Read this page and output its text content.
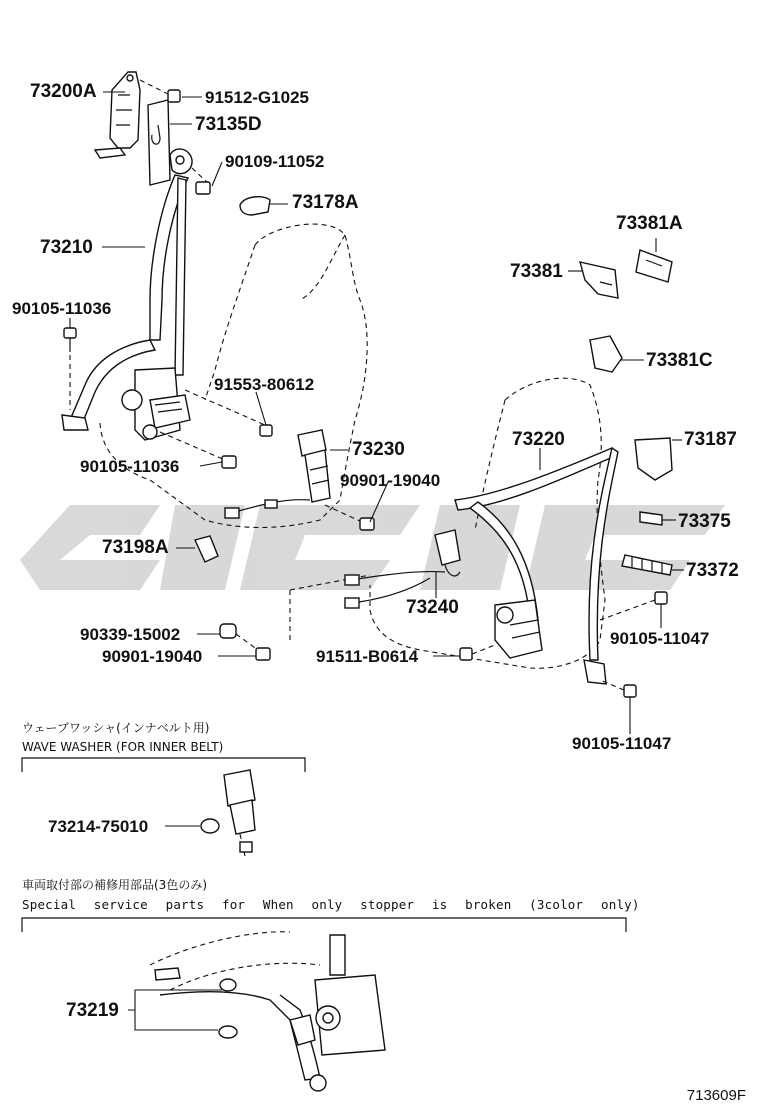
73200A	91512-G1025
73135D
90109-11052
73178A
73210
90105-11036
91553-80612
73230
90105-11036
90901-19040
73198A
73381A
73381
73381C
73220	73187
73375
73372
73240
90339-15002
90901-19040	91511-B0614
90105-11047
90105-11047
ウェーブワッシャ(インナベルト用)
WAVE WASHER (FOR INNER BELT)
73214-75010
車両取付部の補修用部品(3色のみ)
Special service parts for When only stopper is broken (3color only)
73219
713609F
